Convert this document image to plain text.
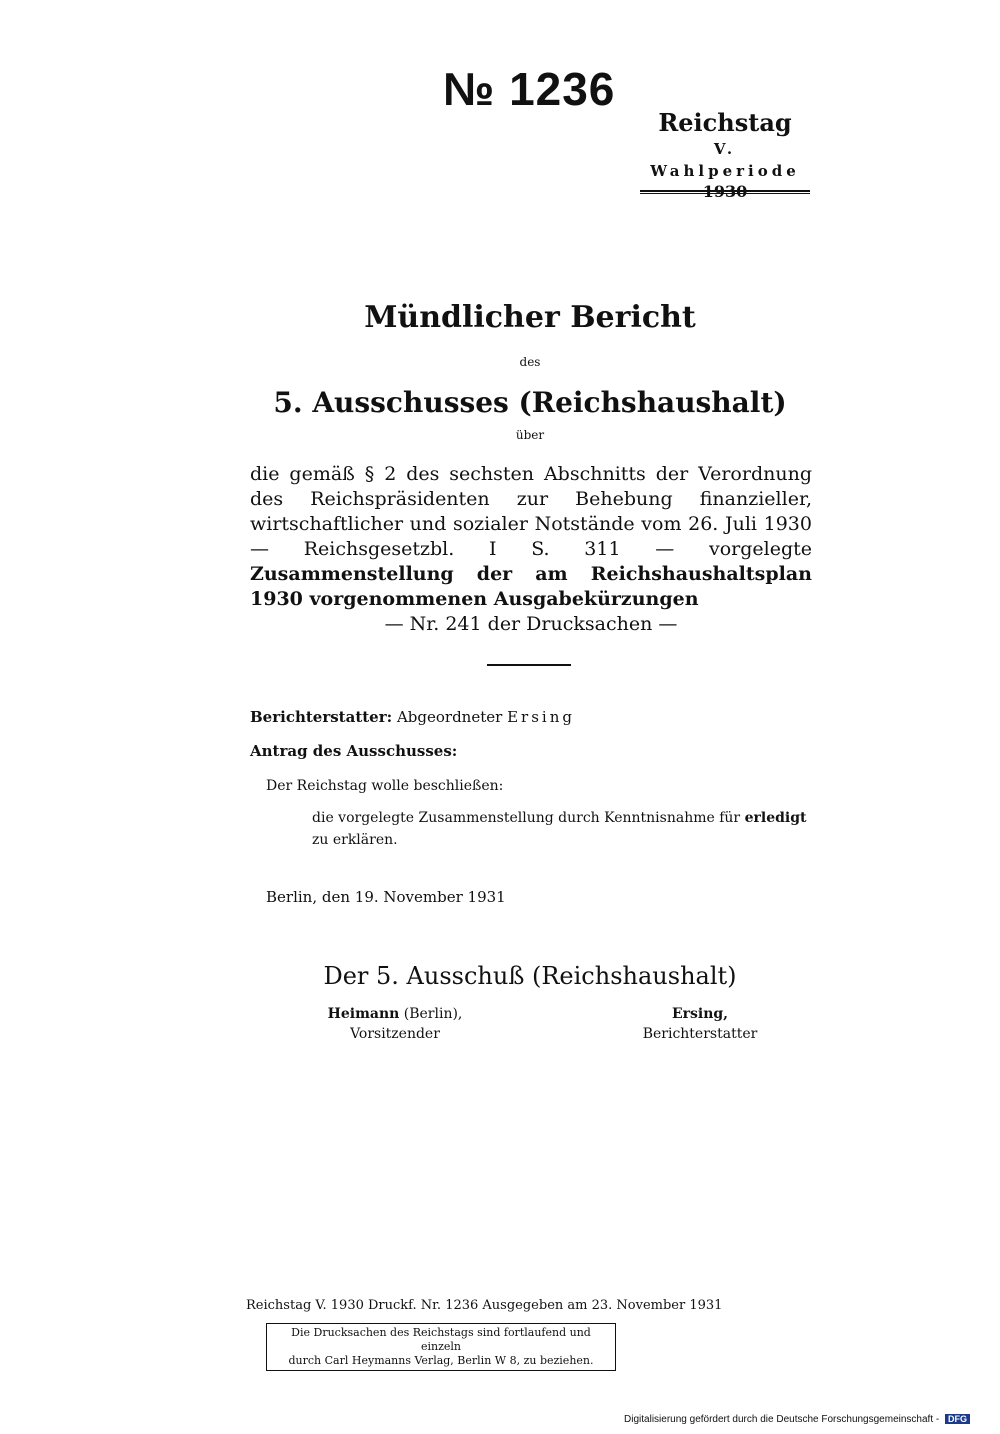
№ 1236
Reichstag
V. Wahlperiode
1930
Mündlicher Bericht
des
5. Ausschusses (Reichshaushalt)
über
die gemäß § 2 des sechsten Abschnitts der Verordnung des Reichspräsidenten zur Behebung finanzieller, wirtschaftlicher und sozialer Notstände vom 26. Juli 1930 — Reichsgesetzbl. I S. 311 — vorgelegte Zusammenstellung der am Reichshaushaltsplan 1930 vorgenommenen Ausgabekürzungen
— Nr. 241 der Drucksachen —
Berichterstatter: Abgeordneter Ersing
Antrag des Ausschusses:
Der Reichstag wolle beschließen:
die vorgelegte Zusammenstellung durch Kenntnisnahme für erledigt
zu erklären.
Berlin, den 19. November 1931
Der 5. Ausschuß (Reichshaushalt)
Heimann (Berlin),
Vorsitzender
Ersing,
Berichterstatter
Reichstag V. 1930 Druckf. Nr. 1236 Ausgegeben am 23. November 1931
Die Drucksachen des Reichstags sind fortlaufend und einzeln
durch Carl Heymanns Verlag, Berlin W 8, zu beziehen.
Digitalisierung gefördert durch die Deutsche Forschungsgemeinschaft - DFG
